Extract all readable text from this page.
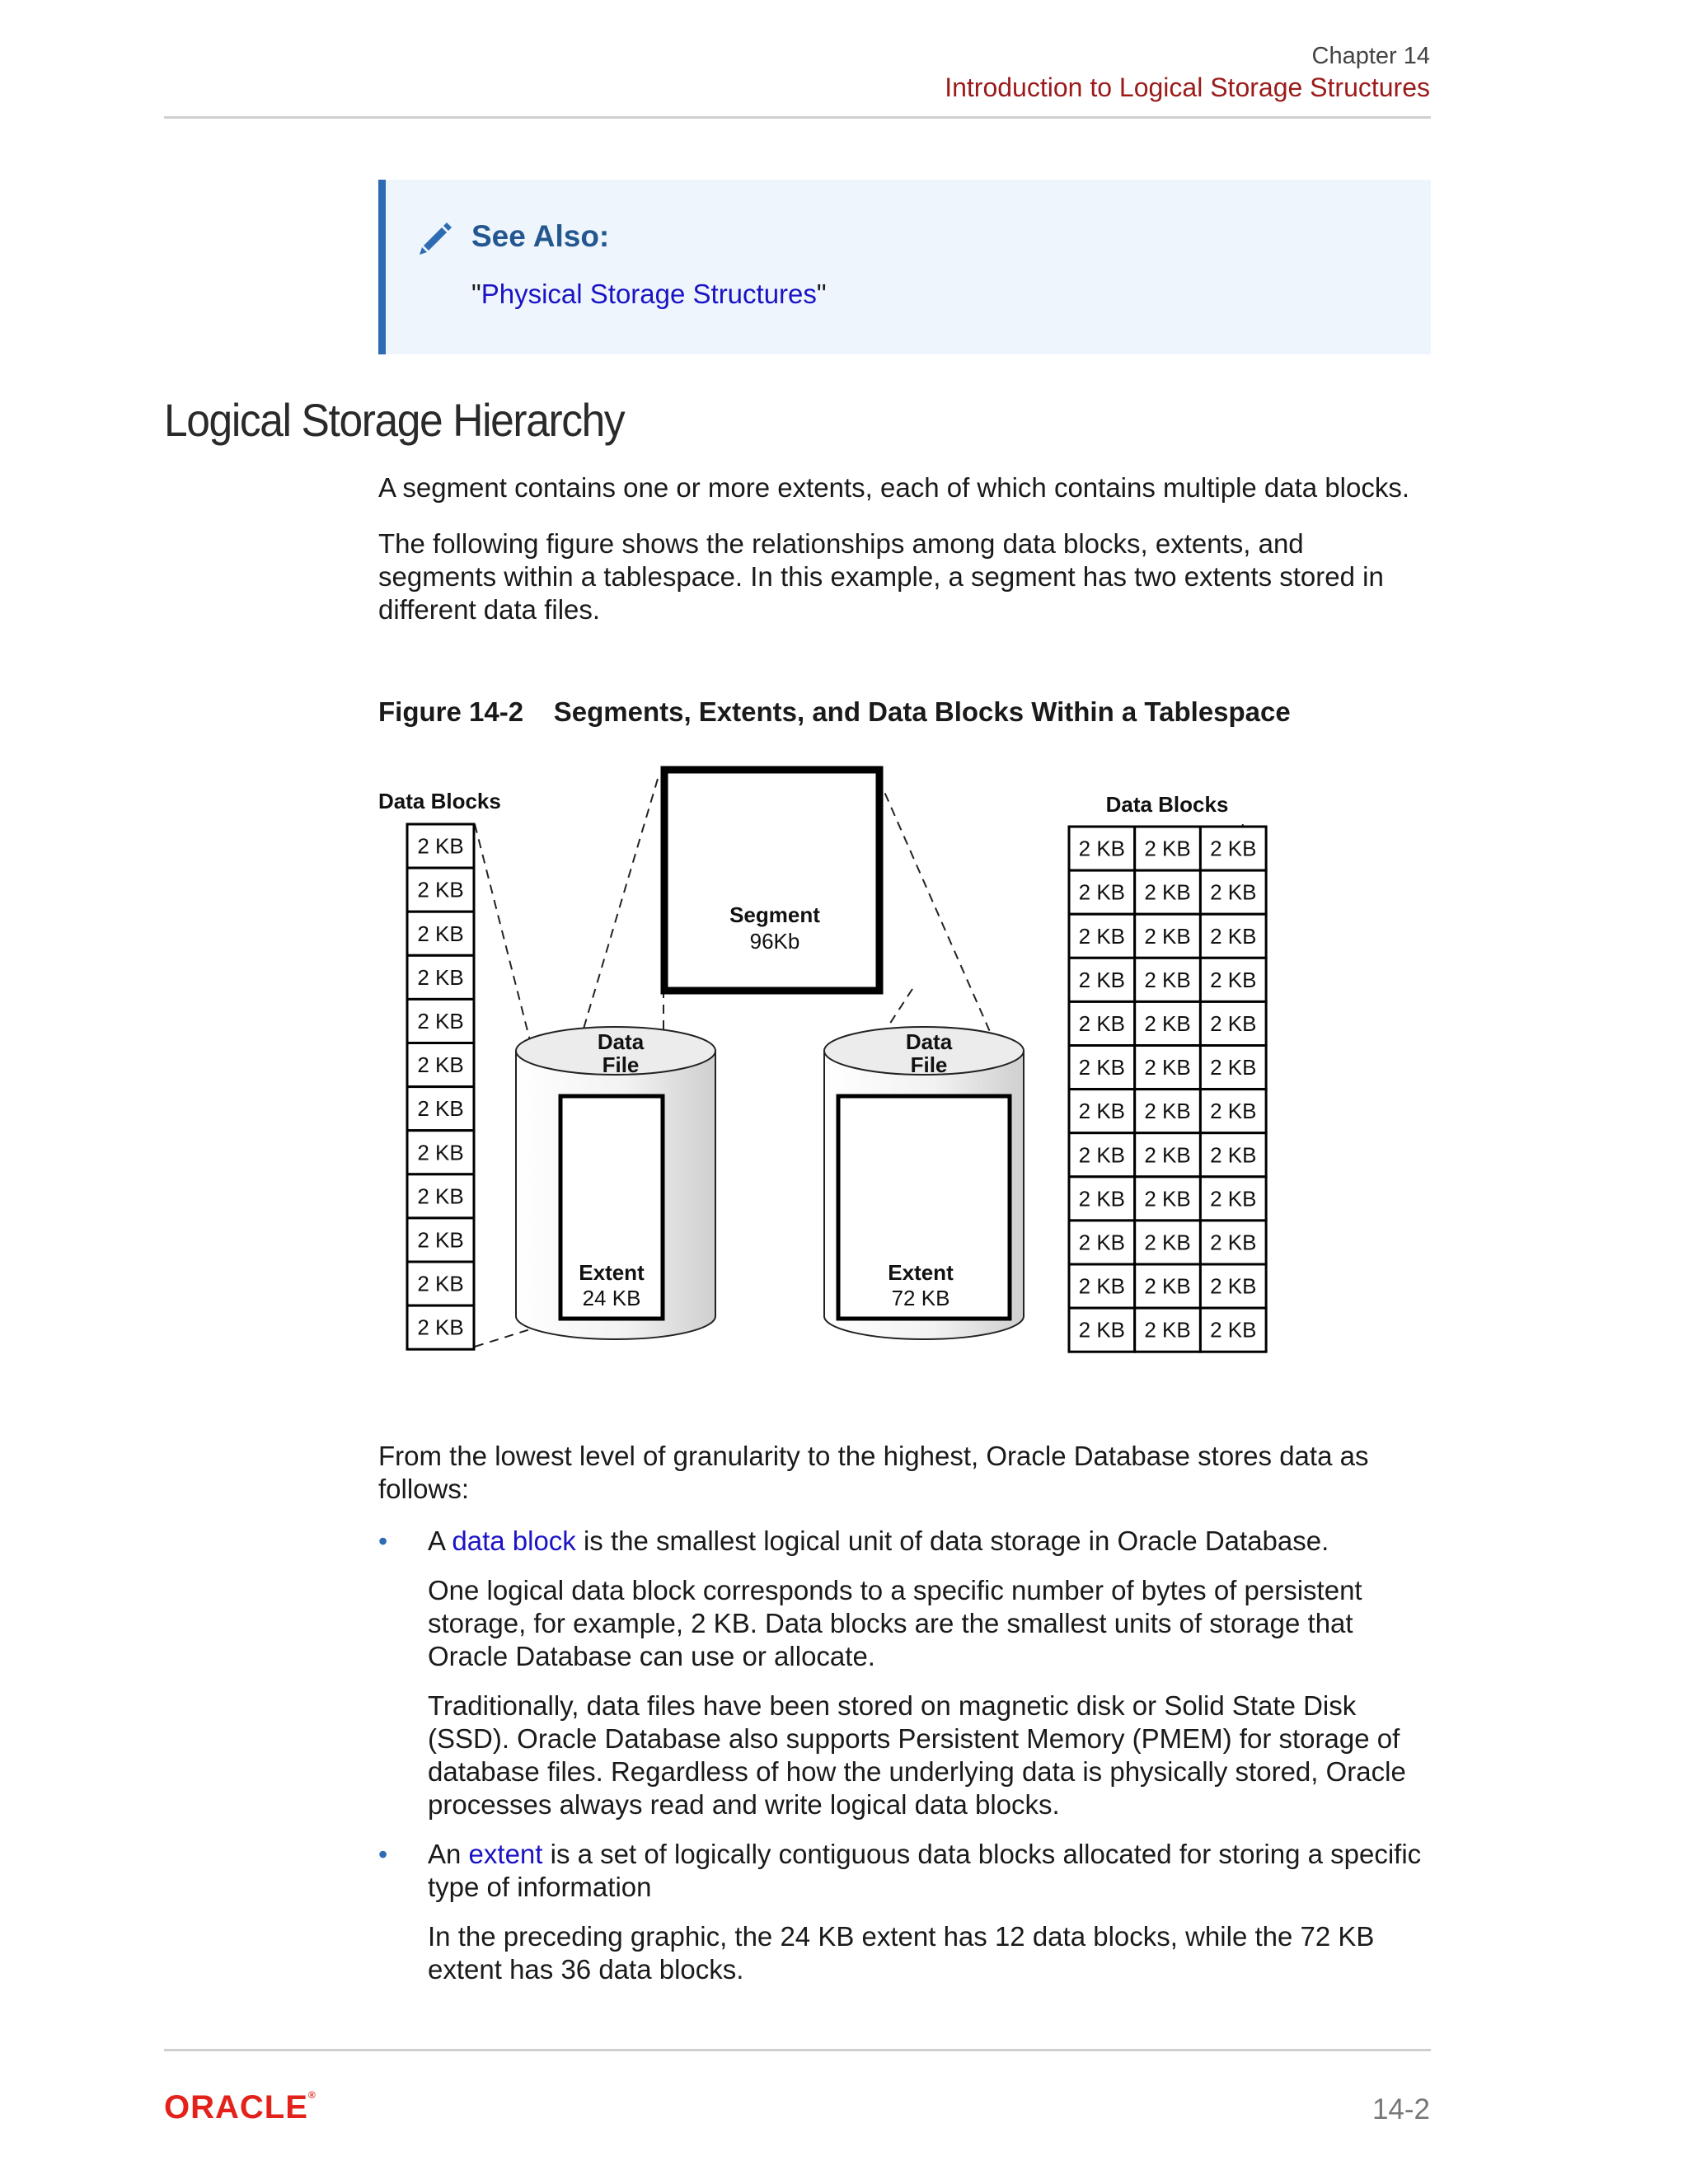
Chapter 14
Introduction to Logical Storage Structures
See Also:
"Physical Storage Structures"
Logical Storage Hierarchy
A segment contains one or more extents, each of which contains multiple data blocks.
The following figure shows the relationships among data blocks, extents, and
segments within a tablespace. In this example, a segment has two extents stored in
different data files.
Figure 14-2    Segments, Extents, and Data Blocks Within a Tablespace
Data Blocks	Data Blocks
2 KB
2 KB
2 KB
2 KB
2 KB
2 KB
2 KB
2 KB
2 KB
2 KB
2 KB
2 KB
2 KB 2 KB 2 KB
2 KB 2 KB 2 KB
2 KB 2 KB 2 KB
2 KB 2 KB 2 KB
2 KB 2 KB 2 KB
2 KB 2 KB 2 KB
2 KB 2 KB 2 KB
2 KB 2 KB 2 KB
2 KB 2 KB 2 KB
2 KB 2 KB 2 KB
2 KB 2 KB 2 KB
2 KB 2 KB 2 KB
Segment
96Kb
Data
File
Extent
24 KB
Data
File
Extent
72 KB
From the lowest level of granularity to the highest, Oracle Database stores data as
follows:
• A data block is the smallest logical unit of data storage in Oracle Database.
One logical data block corresponds to a specific number of bytes of persistent
storage, for example, 2 KB. Data blocks are the smallest units of storage that
Oracle Database can use or allocate.
Traditionally, data files have been stored on magnetic disk or Solid State Disk
(SSD). Oracle Database also supports Persistent Memory (PMEM) for storage of
database files. Regardless of how the underlying data is physically stored, Oracle
processes always read and write logical data blocks.
• An extent is a set of logically contiguous data blocks allocated for storing a specific
type of information
In the preceding graphic, the 24 KB extent has 12 data blocks, while the 72 KB
extent has 36 data blocks.
ORACLE®	14-2
